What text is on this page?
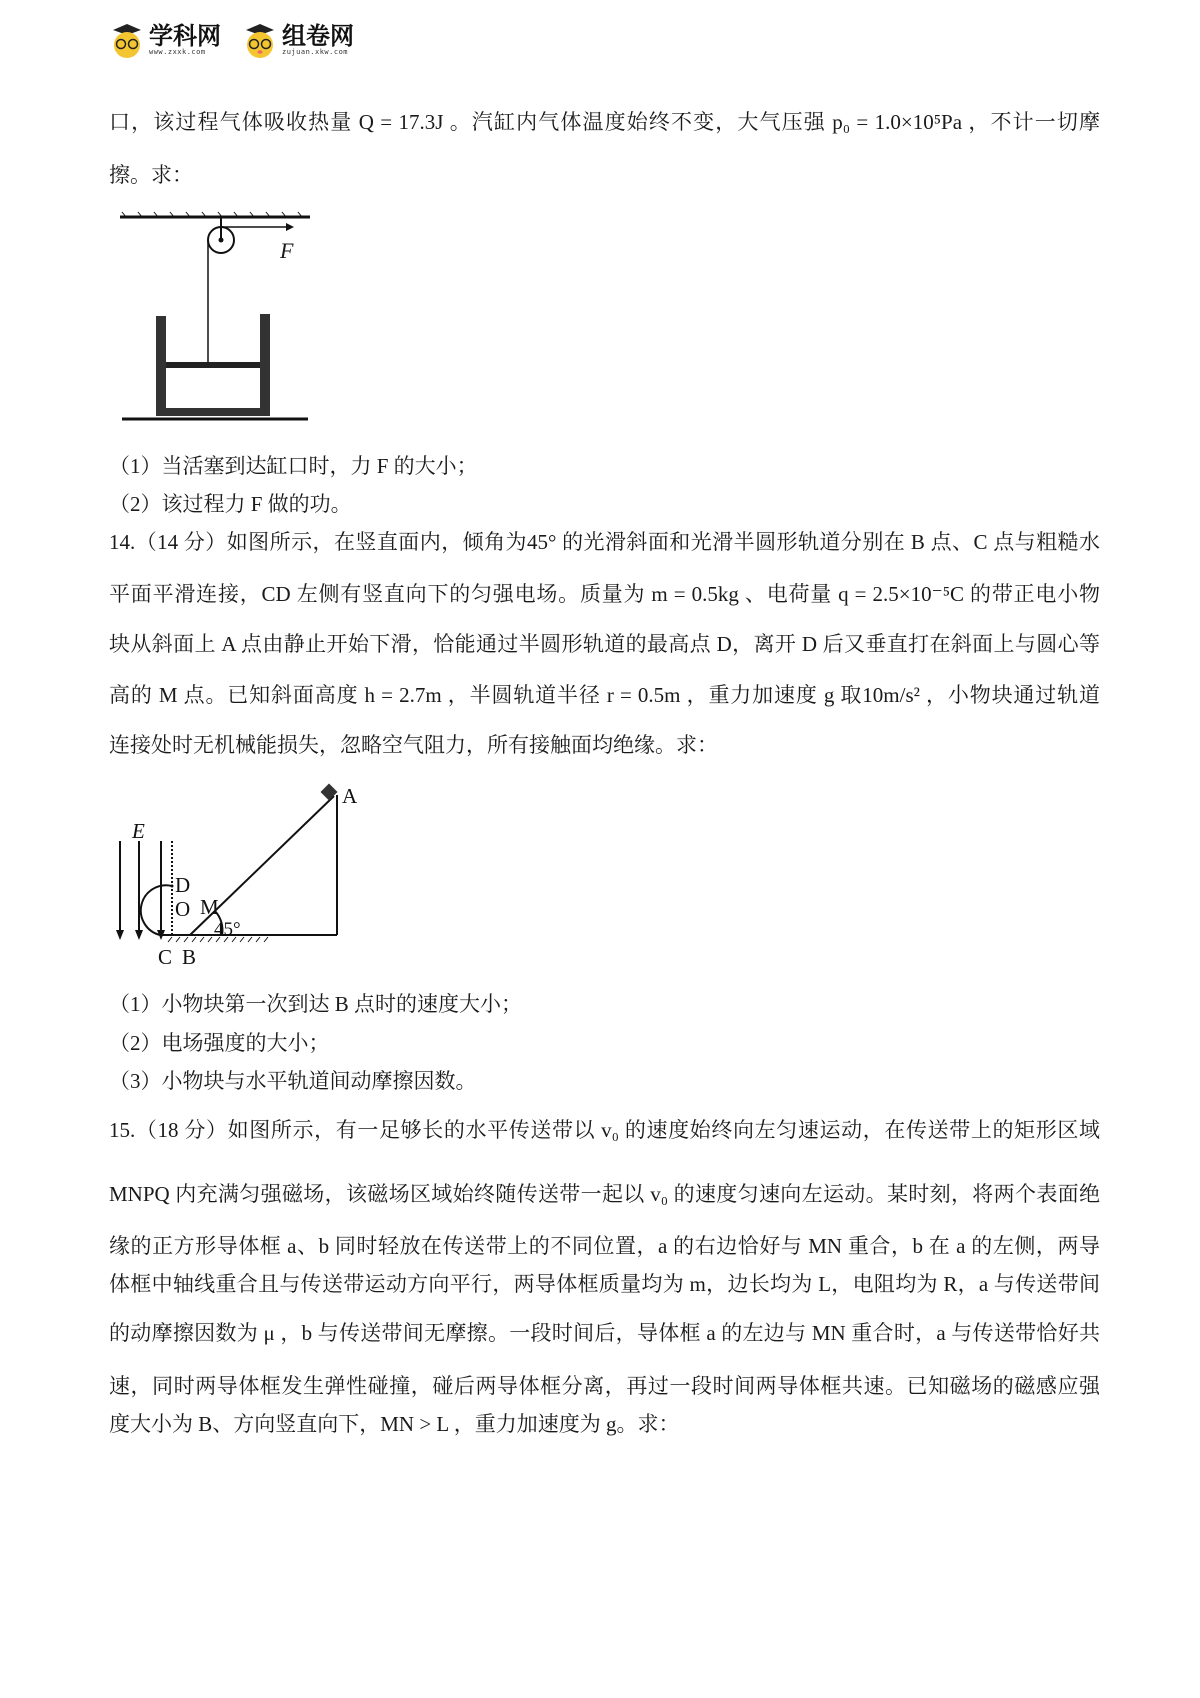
学科网
www.zxxk.com
组卷网
zujuan.xkw.com
口，该过程气体吸收热量 Q = 17.3J 。汽缸内气体温度始终不变，大气压强 p₀ = 1.0×10⁵Pa ，不计一切摩
擦。求：
F
（1）当活塞到达缸口时，力 F 的大小；
（2）该过程力 F 做的功。
14.（14 分）如图所示，在竖直面内，倾角为45° 的光滑斜面和光滑半圆形轨道分别在 B 点、C 点与粗糙水
平面平滑连接，CD 左侧有竖直向下的匀强电场。质量为 m = 0.5kg 、电荷量 q = 2.5×10⁻⁵C 的带正电小物
块从斜面上 A 点由静止开始下滑，恰能通过半圆形轨道的最高点 D，离开 D 后又垂直打在斜面上与圆心等
高的 M 点。已知斜面高度 h = 2.7m ，半圆轨道半径 r = 0.5m ，重力加速度 g 取10m/s² ，小物块通过轨道
连接处时无机械能损失，忽略空气阻力，所有接触面均绝缘。求：
A
E
D
O M
45°
C B
（1）小物块第一次到达 B 点时的速度大小；
（2）电场强度的大小；
（3）小物块与水平轨道间动摩擦因数。
15.（18 分）如图所示，有一足够长的水平传送带以 v₀ 的速度始终向左匀速运动，在传送带上的矩形区域
MNPQ 内充满匀强磁场，该磁场区域始终随传送带一起以 v₀ 的速度匀速向左运动。某时刻，将两个表面绝
缘的正方形导体框 a、b 同时轻放在传送带上的不同位置，a 的右边恰好与 MN 重合，b 在 a 的左侧，两导
体框中轴线重合且与传送带运动方向平行，两导体框质量均为 m，边长均为 L，电阻均为 R，a 与传送带间
的动摩擦因数为 μ ，b 与传送带间无摩擦。一段时间后，导体框 a 的左边与 MN 重合时，a 与传送带恰好共
速，同时两导体框发生弹性碰撞，碰后两导体框分离，再过一段时间两导体框共速。已知磁场的磁感应强
度大小为 B、方向竖直向下，MN > L ，重力加速度为 g。求：
